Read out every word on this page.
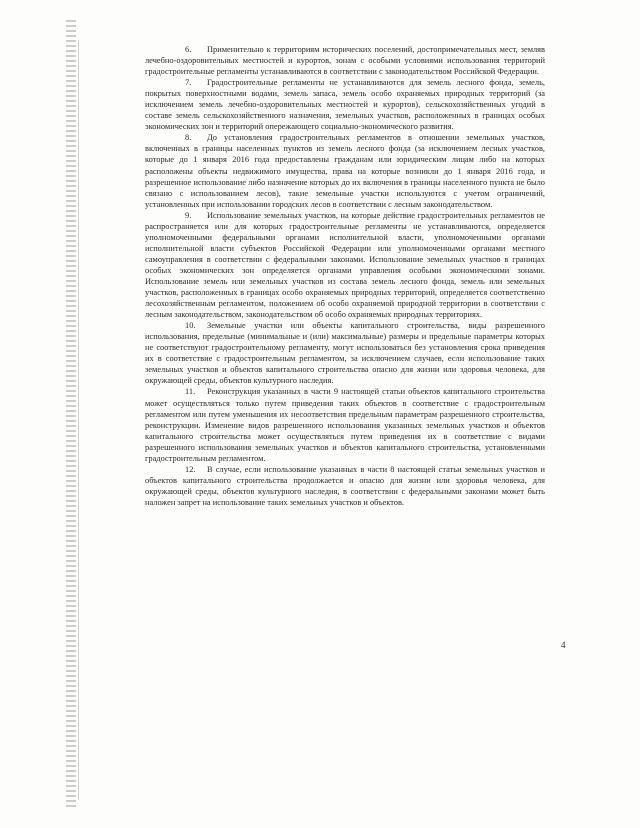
6. Применительно к территориям исторических поселений, достопримечательных мест, земляв лечебно-оздоровительных местностей и курортов, зонам с особыми условиями использования территорий градостроительные регламенты устанавливаются в соответствии с законодательством Российской Федерации.

7. Градостроительные регламенты не устанавливаются для земель лесного фонда, земель, покрытых поверхностными водами, земель запаса, земель особо охраняемых природных территорий (за исключением земель лечебно-оздоровительных местностей и курортов), сельскохозяйственных угодий в составе земель сельскохозяйственного назначения, земельных участков, расположенных в границах особых экономических зон и территорий опережающего социально-экономического развития.

8. До установления градостроительных регламентов в отношении земельных участков, включенных в границы населенных пунктов из земель лесного фонда (за исключением лесных участков, которые до 1 января 2016 года предоставлены гражданам или юридическим лицам либо на которых расположены объекты недвижимого имущества, права на которые возникли до 1 января 2016 года, и разрешенное использование либо назначение которых до их включения в границы населенного пункта не было связано с использованием лесов), такие земельные участки используются с учетом ограничений, установленных при использовании городских лесов в соответствии с лесным законодательством.

9. Использование земельных участков, на которые действие градостроительных регламентов не распространяется или для которых градостроительные регламенты не устанавливаются, определяется уполномоченными федеральными органами исполнительной власти, уполномоченными органами исполнительной власти субъектов Российской Федерации или уполномоченными органами местного самоуправления в соответствии с федеральными законами. Использование земельных участков в границах особых экономических зон определяется органами управления особыми экономическими зонами. Использование земель или земельных участков из состава земель лесного фонда, земель или земельных участков, расположенных в границах особо охраняемых природных территорий, определяется соответственно лесохозяйственным регламентом, положением об особо охраняемой природной территории в соответствии с лесным законодательством, законодательством об особо охраняемых природных территориях.

10. Земельные участки или объекты капитального строительства, виды разрешенного использования, предельные (минимальные и (или) максимальные) размеры и предельные параметры которых не соответствуют градостроительному регламенту, могут использоваться без установления срока приведения их в соответствие с градостроительным регламентом, за исключением случаев, если использование таких земельных участков и объектов капитального строительства опасно для жизни или здоровья человека, для окружающей среды, объектов культурного наследия.

11. Реконструкция указанных в части 9 настоящей статьи объектов капитального строительства может осуществляться только путем приведения таких объектов в соответствие с градостроительным регламентом или путем уменьшения их несоответствия предельным параметрам разрешенного строительства, реконструкции. Изменение видов разрешенного использования указанных земельных участков и объектов капитального строительства может осуществляться путем приведения их в соответствие с видами разрешенного использования земельных участков и объектов капитального строительства, установленными градостроительным регламентом.

12. В случае, если использование указанных в части 8 настоящей статьи земельных участков и объектов капитального строительства продолжается и опасно для жизни или здоровья человека, для окружающей среды, объектов культурного наследия, в соответствии с федеральными законами может быть наложен запрет на использование таких земельных участков и объектов.

4
